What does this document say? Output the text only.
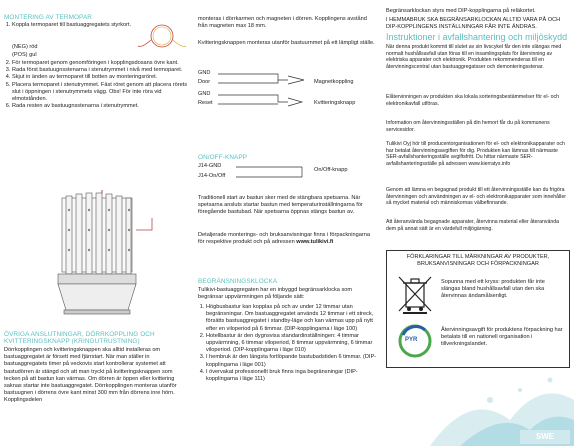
MONTERING AV TERMOPAR
1. Koppla termoparet till bastuaggregatets styrkort.
(NEG) röd
(POS) gul
2. För termoparet genom genomföringen i kopplingsdosans övre kant.
3. Rada först bastuugnsstenarna i stenutrymmet i nivå med termoparet.
4. Skjut in änden av termoparet till botten av monteringsröret.
5. Placera termoparet i stenutrymmet. Fäst röret genom att placera rörets slut i öppningen i stenutrymmets vägg. Obs! För inte röra vid elmotstånden.
6. Rada resten av bastuugnsstenarna i stenutrymmet.
ÖVRIGA ANSLUTNINGAR, DÖRRKOPPLING OCH KVITTERINGSKNAPP (KRINGUTRUSTNING)

Dörrkopplingen och kvitteringsknappen ska alltid installeras om bastuaggregatet är försett med fjärrstart. När man ställer in bastuaggregatets timer på veckovis start kontrollerar systemet att bastudörren är stängd och att man tryckt på kvitteringsknappen som tecken på att bastun kan värmas. Om dörren är öppen eller kvittering saknas startar inte bastuaggregatet. Dörrkopplingen monteras utanför bastuugnen i dörrens övre kant minst 300 mm från dörrens inre hörn. Kopplingsdelen

monteras i dörrkarmen och magneten i dörren. Kopplingens avstånd från magneten max 18 mm.

Kvitteringsknappen monteras utanför bastuurnmet på ett lämpligt ställe.

GND
Door
GND
Reset
Magnetkoppling
Kvitteringsknapp
ON/OFF-KNAPP
J14-GND
J14-On/Off
On/Off-knapp

Traditionell start av bastun sker med de stängbara spetsarna. När spetsarna ansluts startar bastun med temperaturinställningarna för föregående bastubad. När spetsarna öppnas stängs bastun av.

Detaljerade monterings- och bruksanvisningar finns i förpackningarna för respektive produkt och på adressen www.tulikivi.fi

BEGRÄNSNINGSKLOCKA

Tulikivi-bastuaggregaten har en inbyggd begränsarklocka som begränsar uppvärmningen på följande sätt:

1. Högbusbastur kan kopplas på och av under 12 timmar utan begränsningar. Om bastuaggregatet används 12 timmar i ett streck, försätts bastuaggregatet i standby-läge och kan värmas upp på nytt efter en viloperiod på 6 timmar. (DIP-kopplingarna i läge 100)
2. Hotellbastur är den dygnsvisa standardinställningen: 4 timmar uppvärmning, 6 timmar viloperiod, 8 timmar uppvärmning, 6 timmar viloperiod. (DIP-kopplingarna i läge 010)
3. I hembruk är den längsta fortlöpande bastubadstiden 6 timmar. (DIP-kopplingarna i läge 001)
4. I övervakat professionellt bruk finns inga begränsningar (DIP-kopplingarna i läge 111)

Begränsarklockan styrs med DIP-kopplingarna på reläkortet.

I HEMMABRUK SKA BEGRÄNSARKLOCKAN ALLTID VARA PÅ OCH DIP-KOPPLINGENS INSTÄLLNINGAR FÅR INTE ÄNDRAS.

Instruktioner i avfallshantering och miljöskydd

När denna produkt kommit till slutet av sin livscykel får den inte slängas med normalt hushållsavfall utan föras till en insamlingsplats för återvinning av elektriska apparater och elektronik. Produkten rekommenderas till en återvinningscentral utan bastuaggregatsser och demonteringsstenar.

Elåtervinningen av produkten ska lokala sorteringsbestämmelser för el- och elektronikavfall utföras.

Information om återvinningsställen på din hemort får du på kommunens servicesidor.

Tulikivi Oyj hör till producentorganisationen för el- och elektronikapparater och har betalat återvinningsavgiften för dig. Produkten kan lämnas till närmaste SER-avfallshanteringsställe avgiftsfritt. Du hittar närmaste SER-avfallshanteringsställe på adressen www.kierratys.info

Genom att lämna en begagnad produkt till ett återvinningsställe kan du frigöra återvinningen och användningen av el- och elektronikapparater som innehåller så mycket material och människornas välbefinnande.

Att återanvända begagnade apparater, återvinna material eller återanvända dem på annat sätt är en värdefull miljögärning.

FÖRKLARINGAR TILL MÄRKNINGAR AV PRODUKTER, BRUKSANVISNINGAR OCH FÖRPACKNINGAR

Sopunna med ett kryss: produkten får inte slängas bland hushållsavfall utan den ska återvinnas ändamålsenligt.

PYR

Återvinningsavgift för produktens förpackning har betalats till en nationell organisation i tillverkningslandet.

SWE
